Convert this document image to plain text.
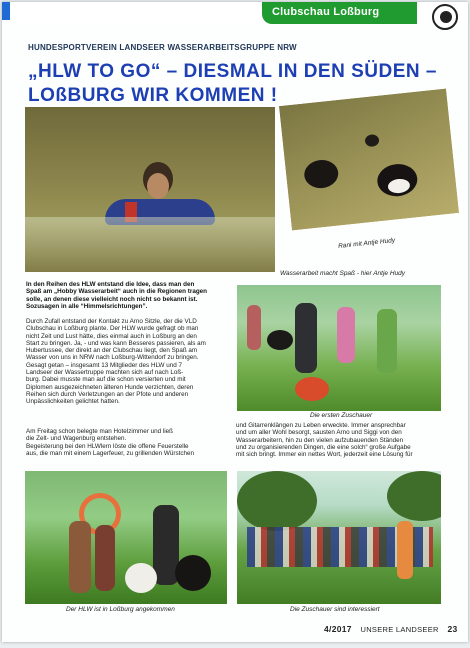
Clubschau Loßburg
HUNDESPORTVEREIN LANDSEER WASSERARBEITSGRUPPE NRW
„HLW TO GO“ – DIESMAL IN DEN SÜDEN –
LOßBURG WIR KOMMEN !
Rani mit Antje Hudy
Wasserarbeit macht Spaß - hier Antje Hudy
In den Reihen des HLW entstand die Idee, dass man den
Spaß am „Hobby Wasserarbeit“ auch in die Regionen tragen
solle, an denen diese vielleicht noch nicht so bekannt ist.
Sozusagen in alle “Himmelsrichtungen”.
Durch Zufall entstand der Kontakt zu Arno Sitzle, der die VLD
Clubschau in Loßburg plante. Der HLW wurde gefragt ob man
nicht Zeit und Lust hätte, dies einmal auch in Loßburg an den
Start zu bringen. Ja, - und was kann Besseres passieren, als am
Hubertussee, der direkt an der Clubschau liegt, den Spaß am
Wasser von uns in NRW nach Loßburg-Wittendorf zu bringen.
Gesagt getan – insgesamt 13 Mitglieder des HLW und 7
Landseer der Wassertruppe machten sich auf nach Loß-
burg. Dabei musste man auf die schon versierten und mit
Diplomen ausgezeichneten älteren Hunde verzichten, deren
Reihen sich durch Verletzungen an der Pfote und anderen
Unpässlichkeiten gelichtet hatten.
Am Freitag schon belegte man Hotelzimmer und ließ
die Zelt- und Wagenburg entstehen.
Begeisterung bei den HLWlern löste die offene Feuerstelle
aus, die man mit einem Lagerfeuer, zu grillenden Würstchen
Die ersten Zuschauer
und Gitarrenklängen zu Leben erweckte. Immer ansprechbar
und um aller Wohl besorgt, sausten Arno und Siggi von den
Wasserarbeitern, hin zu den vielen aufzubauenden Ständen
und zu organisierenden Dingen, die eine solch“ große Aufgabe
mit sich bringt. Immer ein nettes Wort, jederzeit eine Lösung für
Der HLW ist in Loßburg angekommen	Die Zuschauer sind interessiert
4/2017 UNSERE LANDSEER 23
